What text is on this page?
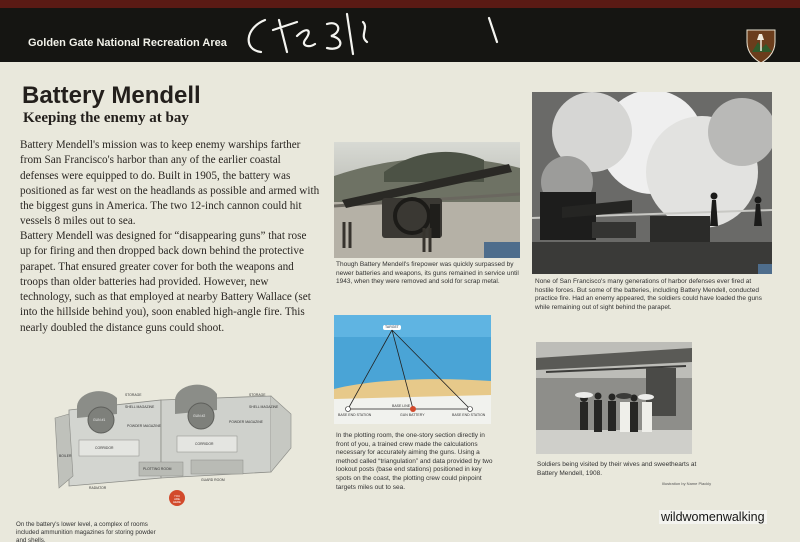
Golden Gate National Recreation Area
Battery Mendell
Keeping the enemy at bay

Battery Mendell's mission was to keep enemy warships farther from San Francisco's harbor than any of the earlier coastal defenses were equipped to do. Built in 1905, the battery was positioned as far west on the headlands as possible and armed with the biggest guns in America. The two 12-inch cannon could hit vessels 8 miles out to sea.

Battery Mendell was designed for “disappearing guns” that rose up for firing and then dropped back down behind the protective parapet. That ensured greater cover for both the weapons and troops than older batteries had provided. However, new technology, such as that employed at nearby Battery Wallace (set into the hillside behind you), soon enabled high-angle fire. This nearly doubled the distance guns could shoot.

Though Battery Mendell's firepower was quickly surpassed by newer batteries and weapons, its guns remained in service until 1943, when they were removed and sold for scrap metal.	None of San Francisco's many generations of harbor defenses ever fired at hostile forces. But some of the batteries, including Battery Mendell, conducted practice fire. Had an enemy appeared, the soldiers could have loaded the guns while remaining out of sight behind the parapet.

TARGET
BASE LINE
BASE END STATION	GUN BATTERY	BASE END STATION

In the plotting room, the one-story section directly in front of you, a trained crew made the calculations necessary for accurately aiming the guns. Using a method called “triangulation” and data provided by two lookout posts (base end stations) positioned in key spots on the coast, the plotting crew could pinpoint targets miles out to sea.

Soldiers being visited by their wives and sweethearts at Battery Mendell, 1908.

Illustration by Name Plackly
STORAGE
SHELL MAGAZINE
STORAGE
SHELL MAGAZINE
GUN #1
GUN #2
POWDER MAGAZINE
POWDER MAGAZINE
CORRIDOR
CORRIDOR
GUARD ROOM
BOILER
PLOTTING ROOM
RADIATOR
YOU ARE HERE

On the battery's lower level, a complex of rooms included ammunition magazines for storing powder and shells.

wildwomenwalking
